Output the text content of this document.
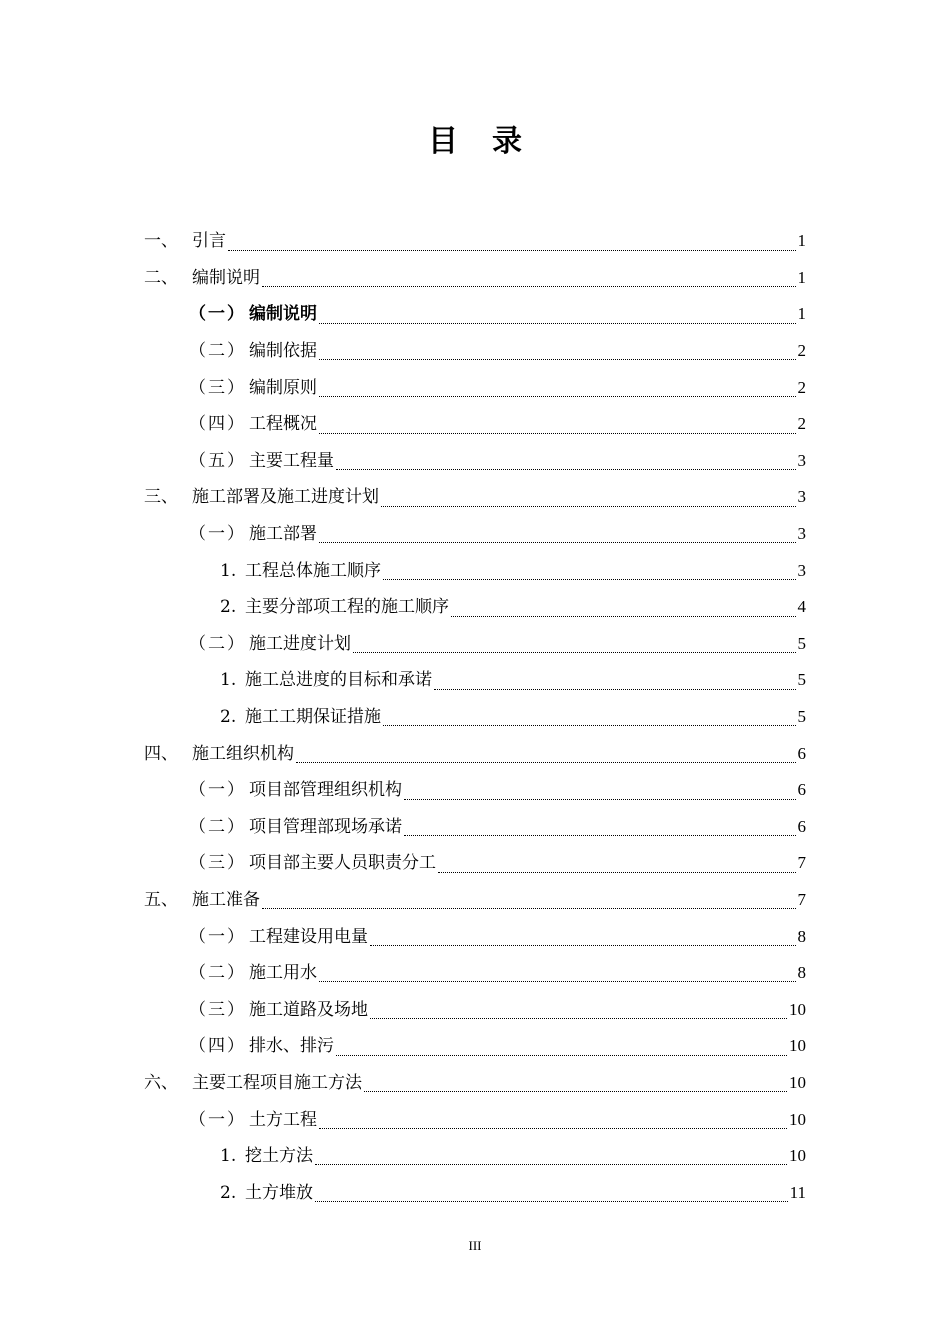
目录
一、 引言	1
二、 编制说明	1
（一） 编制说明	1
（二） 编制依据	2
（三） 编制原则	2
（四） 工程概况	2
（五） 主要工程量	3
三、 施工部署及施工进度计划	3
（一） 施工部署	3
1. 工程总体施工顺序	3
2. 主要分部项工程的施工顺序	4
（二） 施工进度计划	5
1. 施工总进度的目标和承诺	5
2. 施工工期保证措施	5
四、 施工组织机构	6
（一） 项目部管理组织机构	6
（二） 项目管理部现场承诺	6
（三） 项目部主要人员职责分工	7
五、 施工准备	7
（一） 工程建设用电量	8
（二） 施工用水	8
（三） 施工道路及场地	10
（四） 排水、排污	10
六、 主要工程项目施工方法	10
（一） 土方工程	10
1. 挖土方法	10
2. 土方堆放	11
III
